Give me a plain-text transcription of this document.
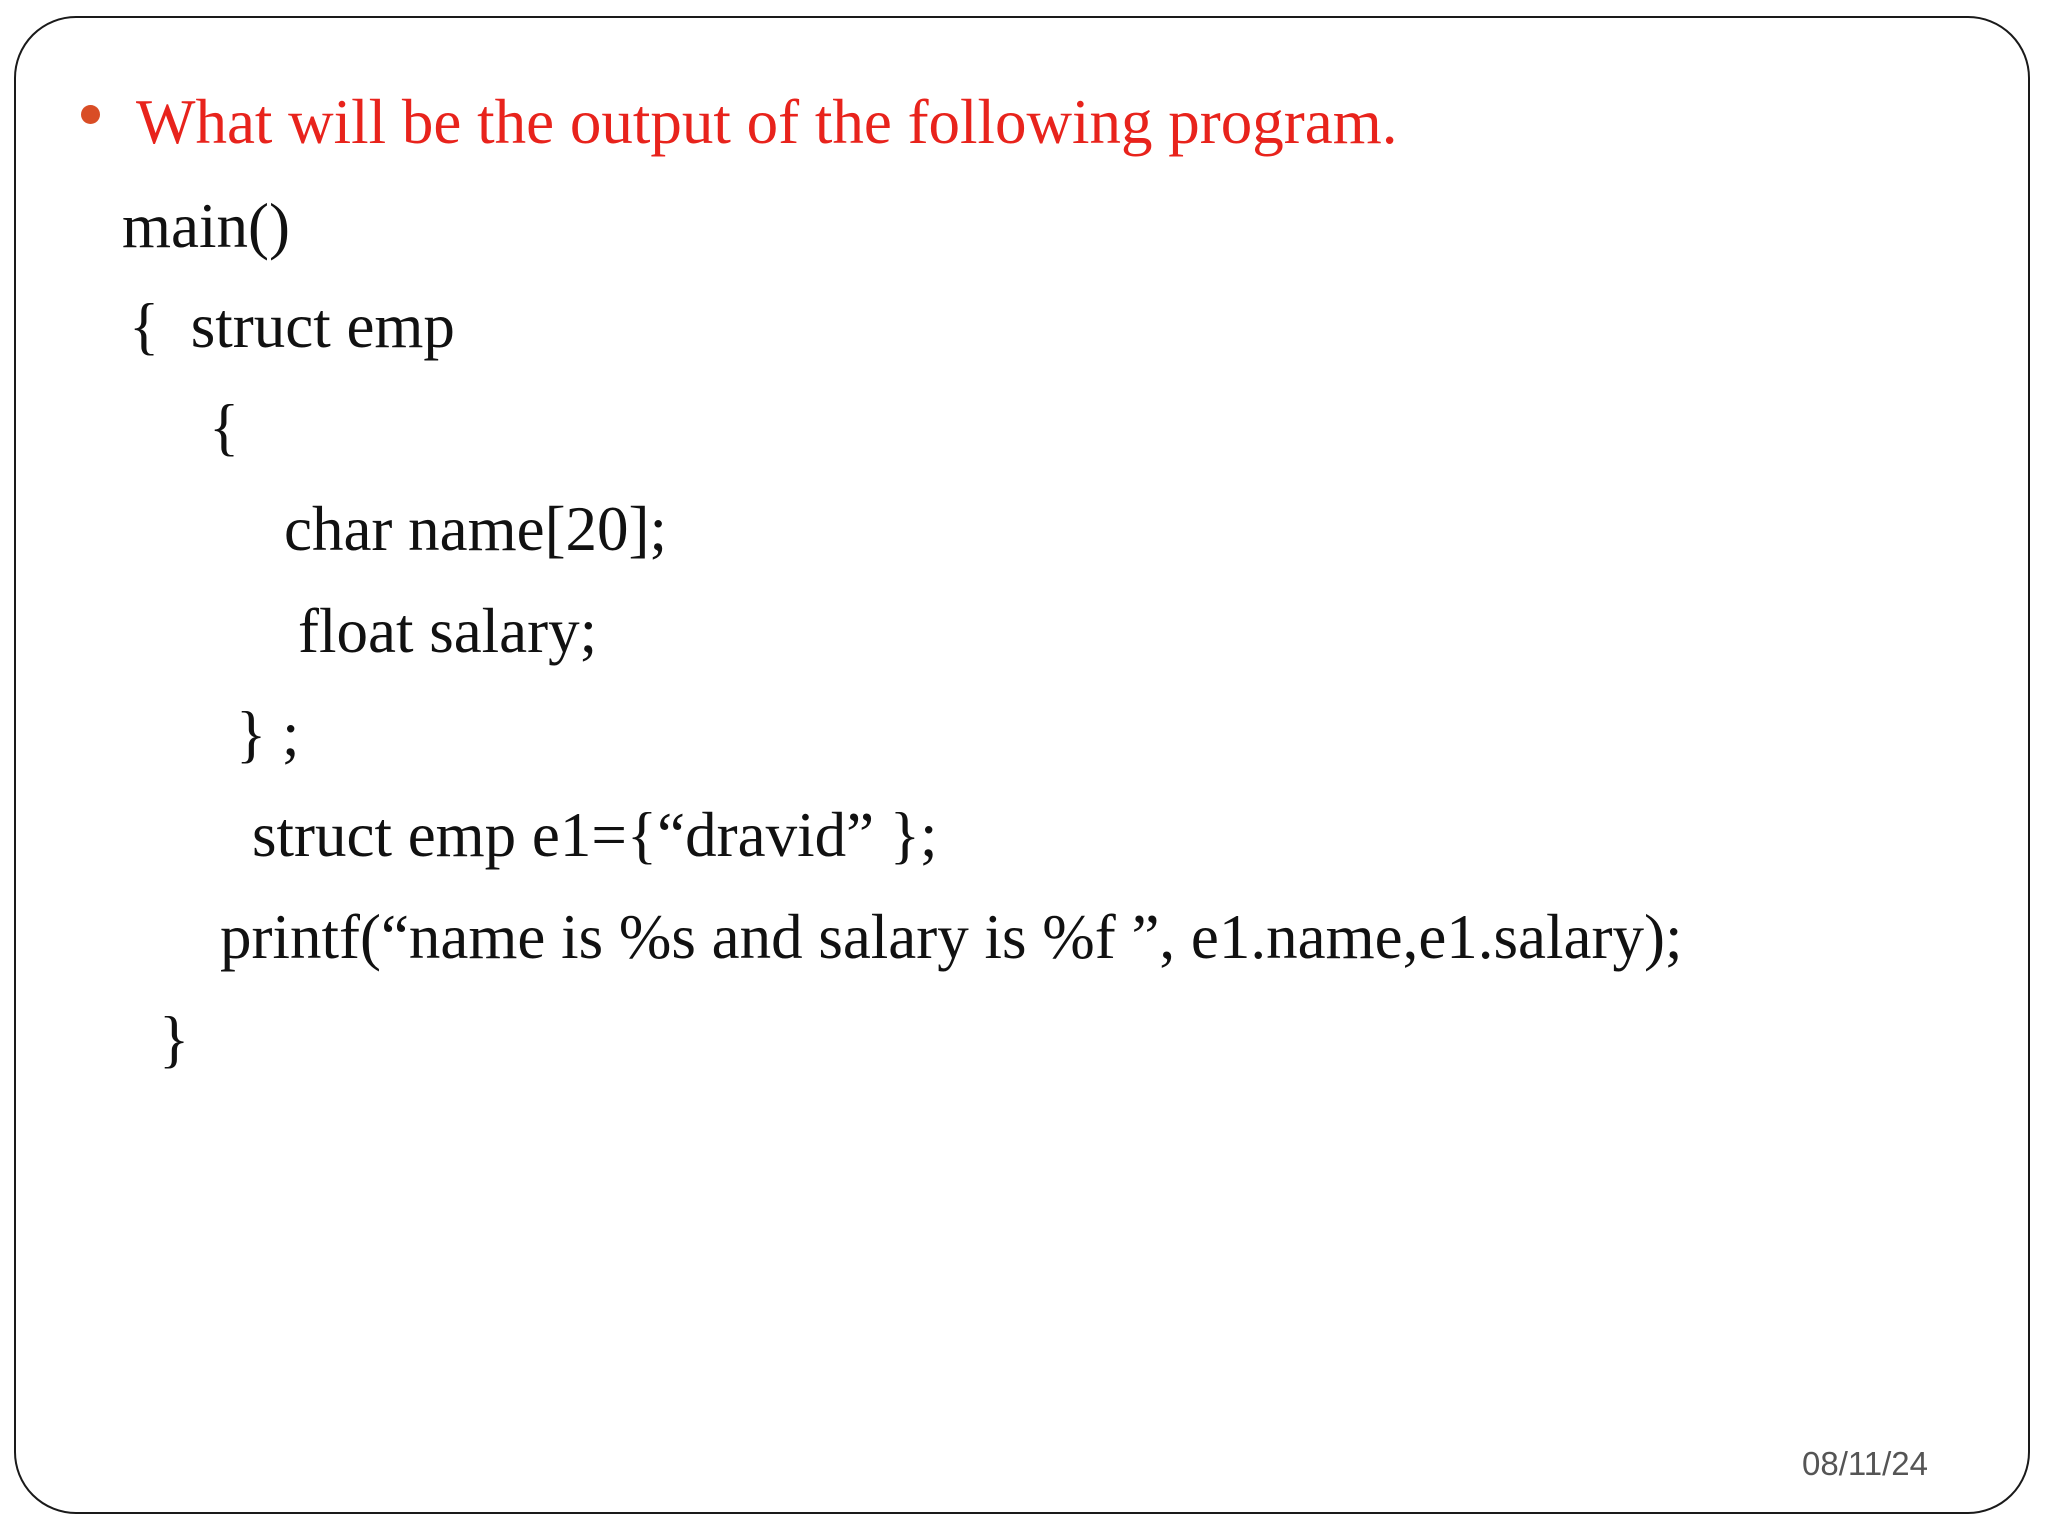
What will be the output of the following program.
main()
{  struct emp
{
char name[20];
float salary;
} ;
struct emp e1={“dravid” };
printf(“name is %s and salary is %f ”, e1.name,e1.salary);
}
08/11/24
